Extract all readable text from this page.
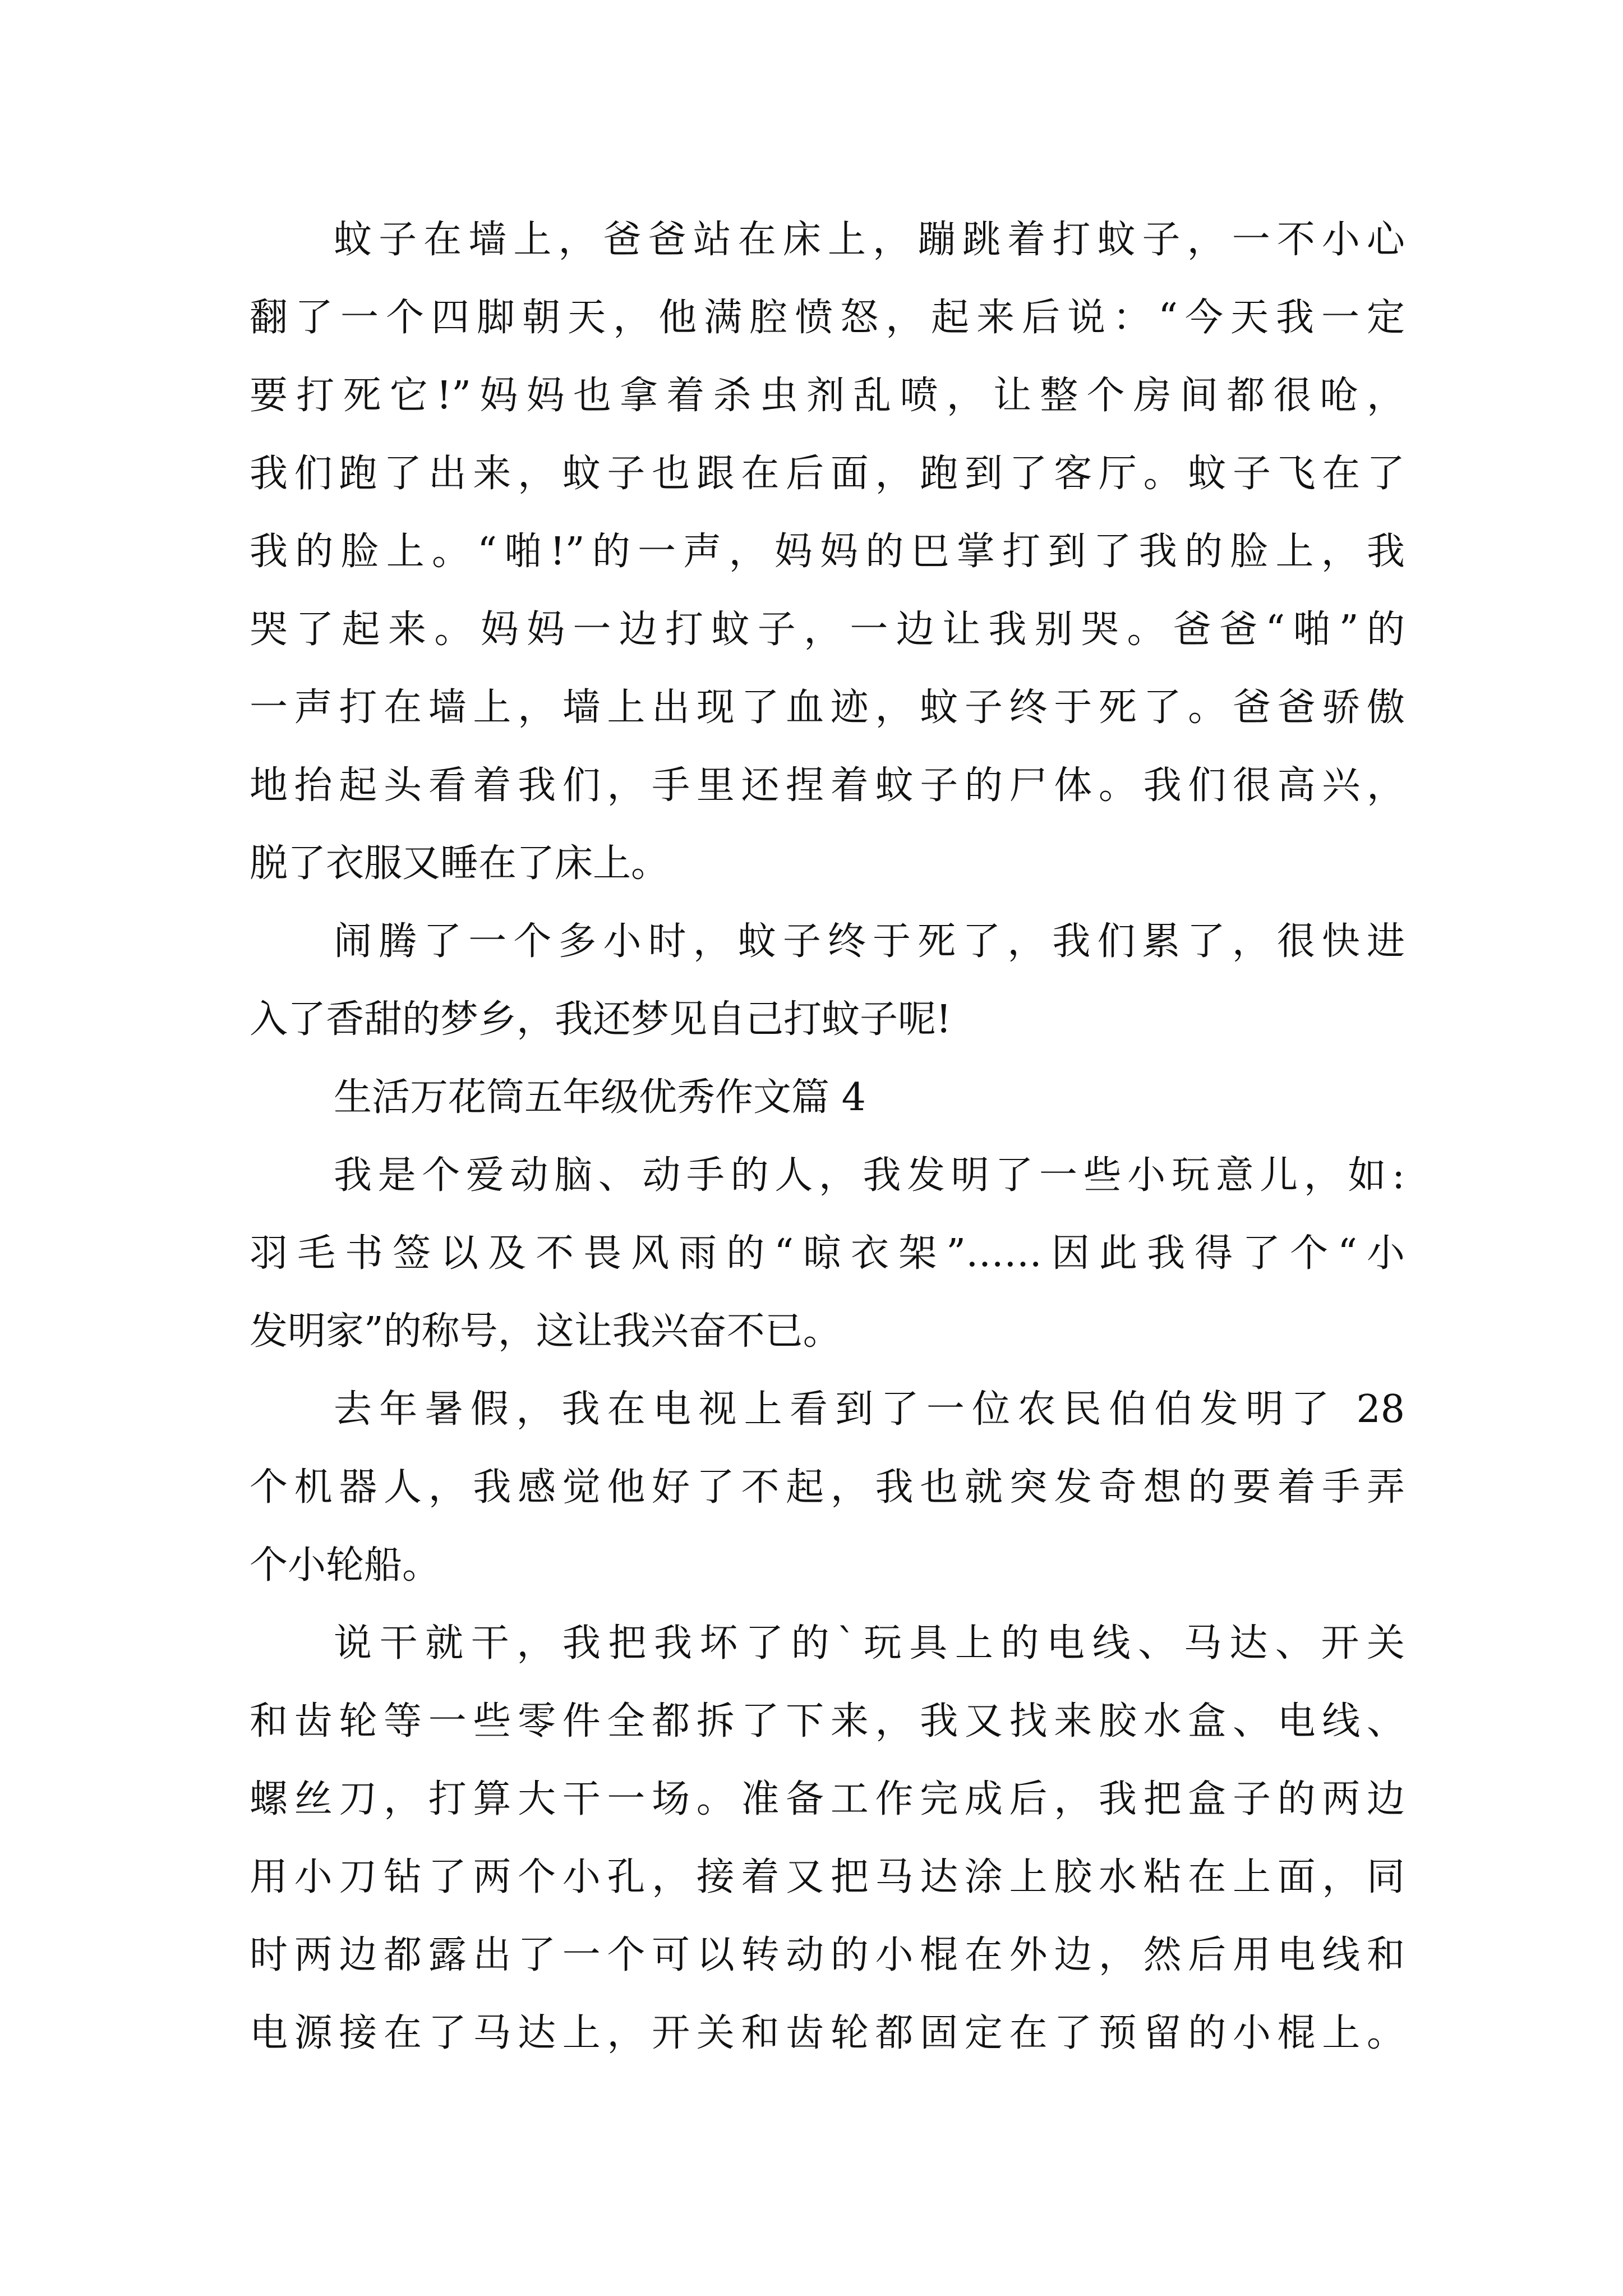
蚊子在墙上，爸爸站在床上，蹦跳着打蚊子，一不小心
翻了一个四脚朝天，他满腔愤怒，起来后说：“今天我一定
要打死它!”妈妈也拿着杀虫剂乱喷，让整个房间都很呛，
我们跑了出来，蚊子也跟在后面，跑到了客厅。蚊子飞在了
我的脸上。“啪!”的一声，妈妈的巴掌打到了我的脸上，我
哭了起来。妈妈一边打蚊子，一边让我别哭。爸爸“啪”的
一声打在墙上，墙上出现了血迹，蚊子终于死了。爸爸骄傲
地抬起头看着我们，手里还捏着蚊子的尸体。我们很高兴，
脱了衣服又睡在了床上。
闹腾了一个多小时，蚊子终于死了，我们累了，很快进
入了香甜的梦乡，我还梦见自己打蚊子呢!
生活万花筒五年级优秀作文篇 4
我是个爱动脑、动手的人，我发明了一些小玩意儿，如:
羽毛书签以及不畏风雨的“晾衣架”……因此我得了个“小
发明家”的称号，这让我兴奋不已。
去年暑假，我在电视上看到了一位农民伯伯发明了 28
个机器人，我感觉他好了不起，我也就突发奇想的要着手弄
个小轮船。
说干就干，我把我坏了的`玩具上的电线、马达、开关
和齿轮等一些零件全都拆了下来，我又找来胶水盒、电线、
螺丝刀，打算大干一场。准备工作完成后，我把盒子的两边
用小刀钻了两个小孔，接着又把马达涂上胶水粘在上面，同
时两边都露出了一个可以转动的小棍在外边，然后用电线和
电源接在了马达上，开关和齿轮都固定在了预留的小棍上。
